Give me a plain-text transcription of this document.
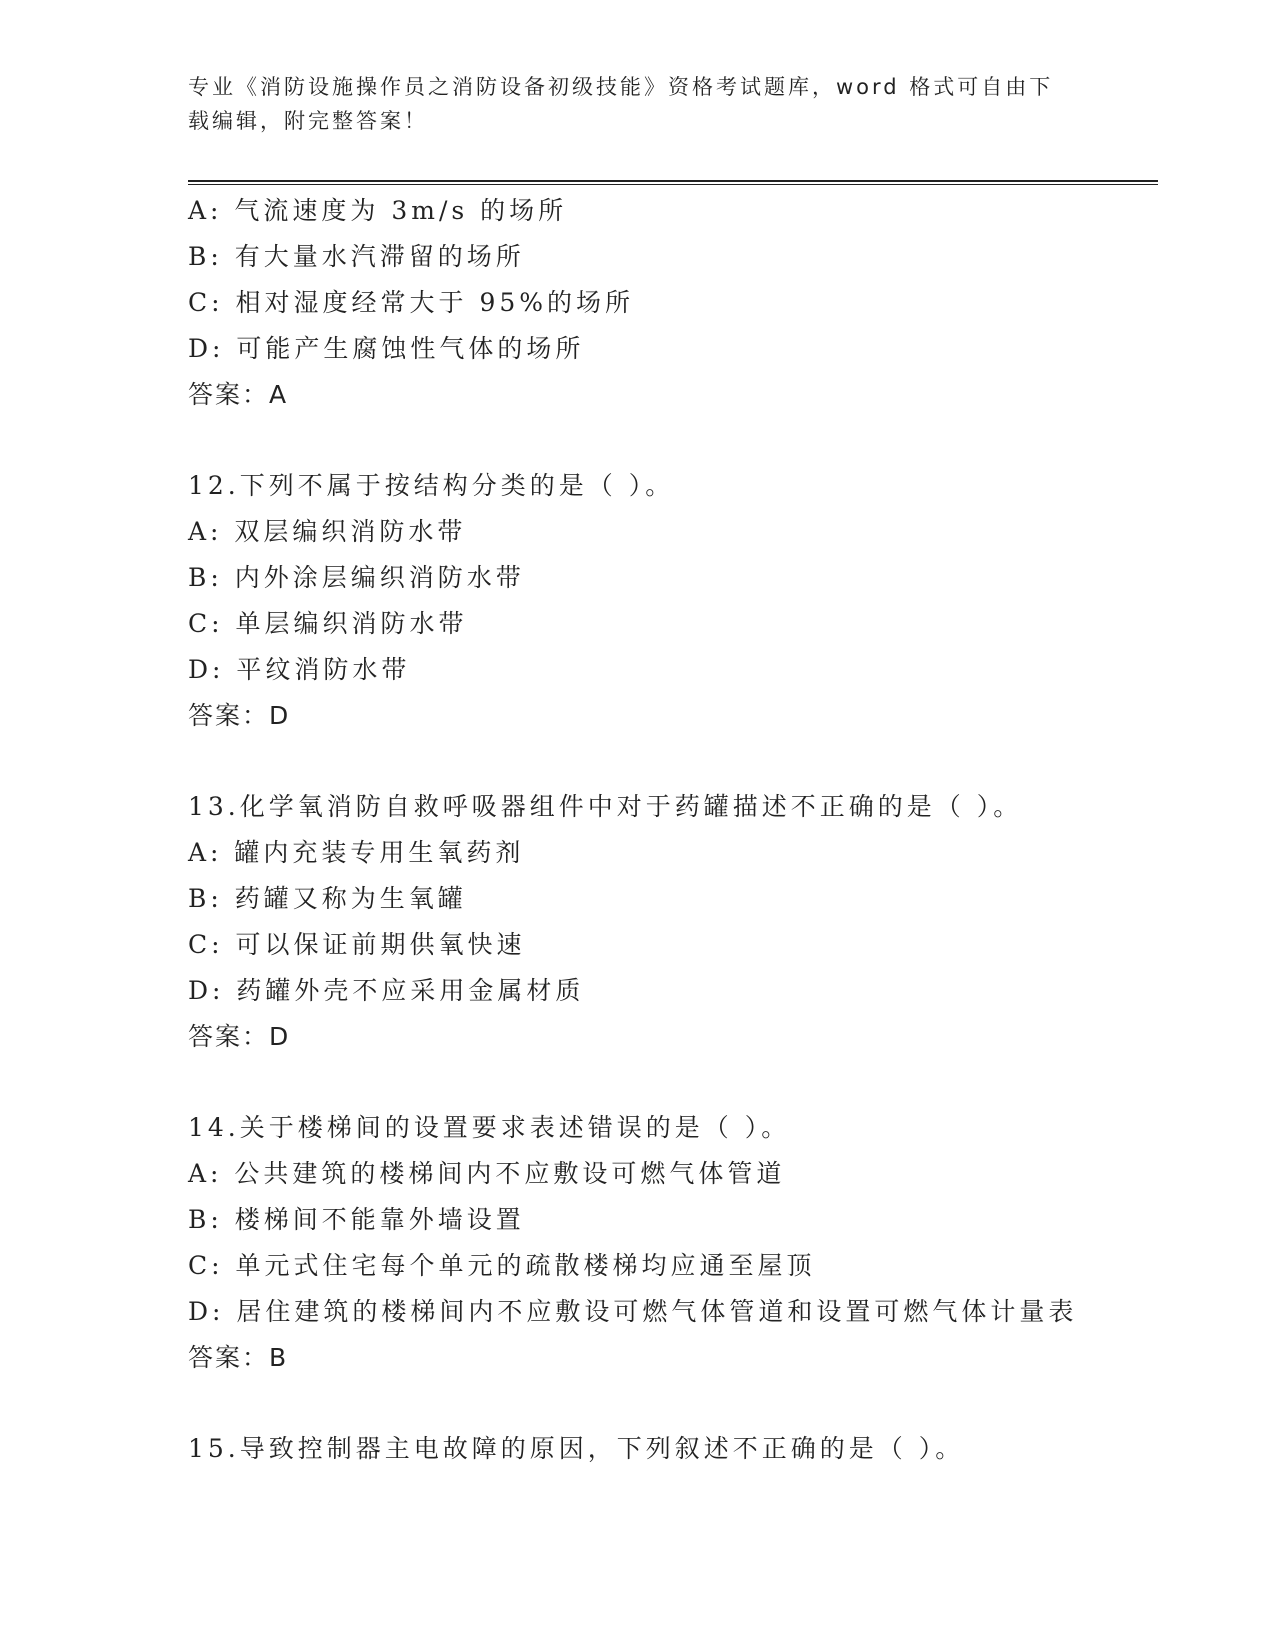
专业《消防设施操作员之消防设备初级技能》资格考试题库，word 格式可自由下
载编辑，附完整答案！
A: 气流速度为 3m/s 的场所
B: 有大量水汽滞留的场所
C: 相对湿度经常大于 95%的场所
D: 可能产生腐蚀性气体的场所
答案：A
12.下列不属于按结构分类的是（ ）。
A: 双层编织消防水带
B: 内外涂层编织消防水带
C: 单层编织消防水带
D: 平纹消防水带
答案：D
13.化学氧消防自救呼吸器组件中对于药罐描述不正确的是（ ）。
A: 罐内充装专用生氧药剂
B: 药罐又称为生氧罐
C: 可以保证前期供氧快速
D: 药罐外壳不应采用金属材质
答案：D
14.关于楼梯间的设置要求表述错误的是（ ）。
A: 公共建筑的楼梯间内不应敷设可燃气体管道
B: 楼梯间不能靠外墙设置
C: 单元式住宅每个单元的疏散楼梯均应通至屋顶
D: 居住建筑的楼梯间内不应敷设可燃气体管道和设置可燃气体计量表
答案：B
15.导致控制器主电故障的原因，下列叙述不正确的是（ ）。
